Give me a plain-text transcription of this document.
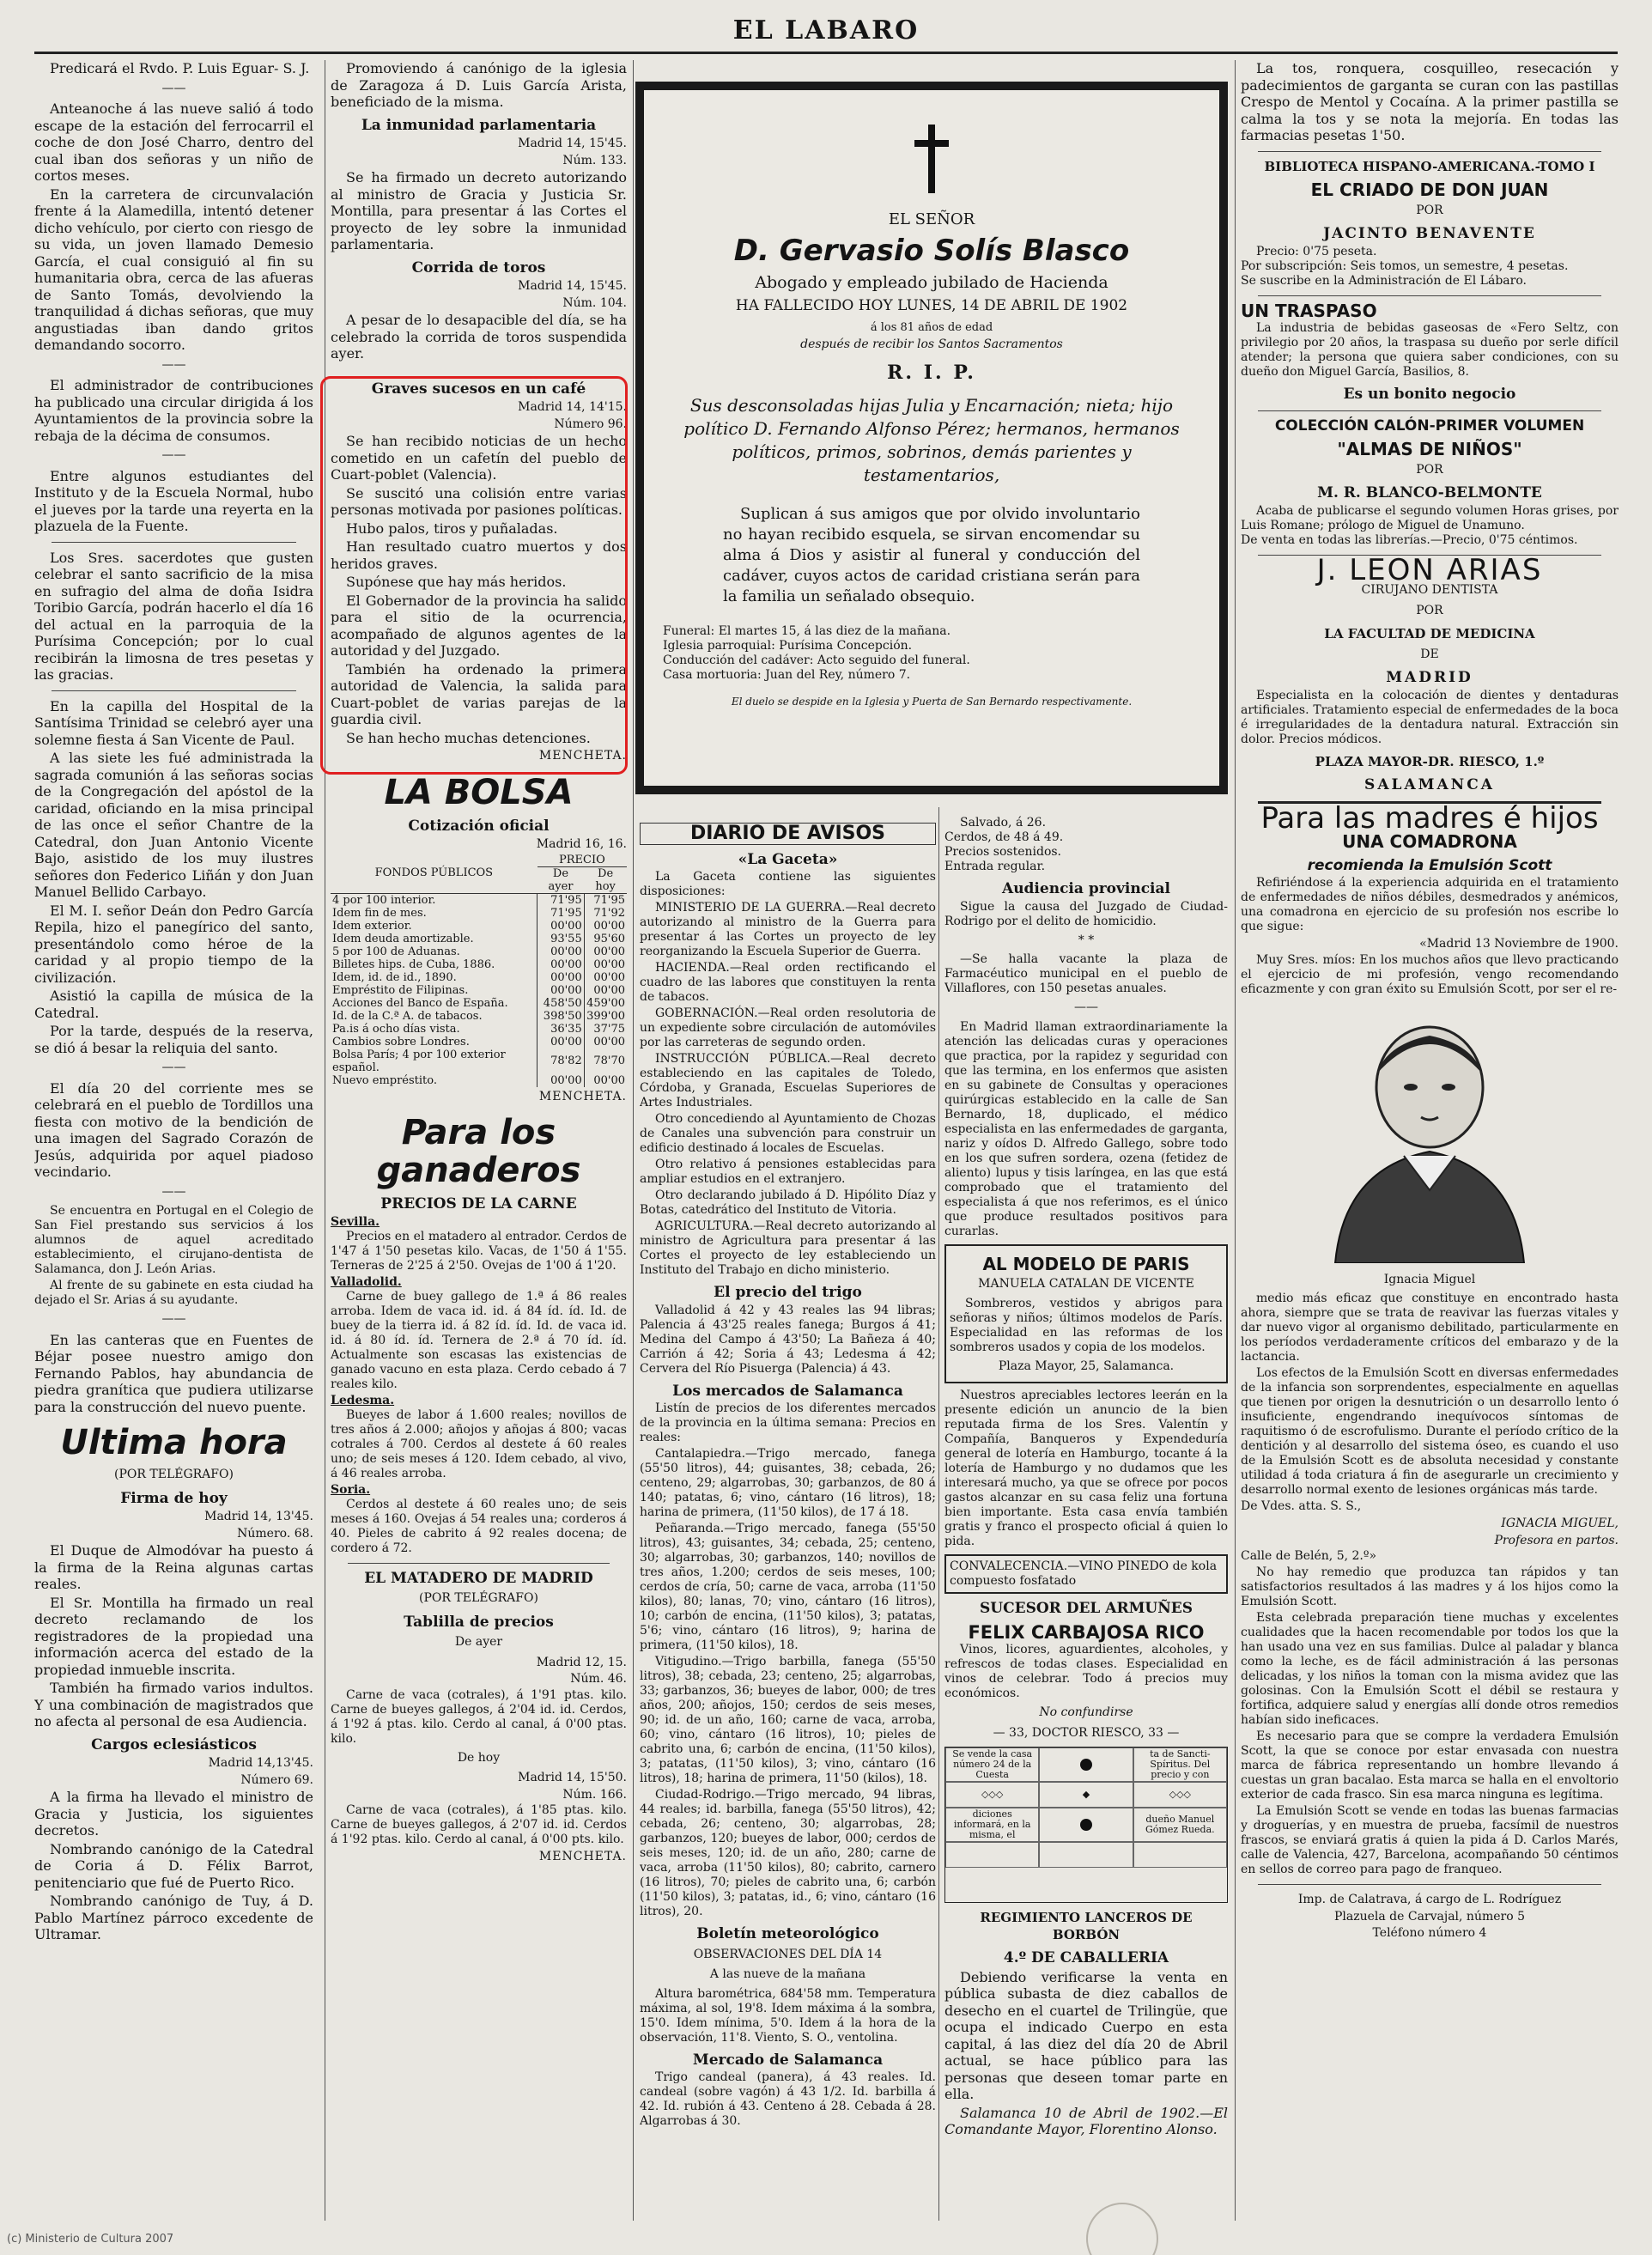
EL LABARO

Predicará el Rvdo. P. Luis Eguar- S. J.

——

Anteanoche á las nueve salió á todo escape de la estación del ferrocarril el coche de don José Charro, dentro del cual iban dos señoras y un niño de cortos meses.

En la carretera de circunvalación frente á la Alamedilla, intentó detener dicho vehículo, por cierto con riesgo de su vida, un joven llamado Demesio García, el cual consiguió al fin su humanitaria obra, cerca de las afueras de Santo Tomás, devolviendo la tranquilidad á dichas señoras, que muy angustiadas iban dando gritos demandando socorro.

——

El administrador de contribuciones ha publicado una circular dirigida á los Ayuntamientos de la provincia sobre la rebaja de la décima de consumos.

——

Entre algunos estudiantes del Instituto y de la Escuela Normal, hubo el jueves por la tarde una reyerta en la plazuela de la Fuente.

Los Sres. sacerdotes que gusten celebrar el santo sacrificio de la misa en sufragio del alma de doña Isidra Toribio García, podrán hacerlo el día 16 del actual en la parroquia de la Purísima Concepción; por lo cual recibirán la limosna de tres pesetas y las gracias.

En la capilla del Hospital de la Santísima Trinidad se celebró ayer una solemne fiesta á San Vicente de Paul.

A las siete les fué administrada la sagrada comunión á las señoras socias de la Congregación del apóstol de la caridad, oficiando en la misa principal de las once el señor Chantre de la Catedral, don Juan Antonio Vicente Bajo, asistido de los muy ilustres señores don Federico Liñán y don Juan Manuel Bellido Carbayo.

El M. I. señor Deán don Pedro García Repila, hizo el panegírico del santo, presentándolo como héroe de la caridad y al propio tiempo de la civilización.

Asistió la capilla de música de la Catedral.

Por la tarde, después de la reserva, se dió á besar la reliquia del santo.

——

El día 20 del corriente mes se celebrará en el pueblo de Tordillos una fiesta con motivo de la bendición de una imagen del Sagrado Corazón de Jesús, adquirida por aquel piadoso vecindario.

——

Se encuentra en Portugal en el Colegio de San Fiel prestando sus servicios á los alumnos de aquel acreditado establecimiento, el cirujano-dentista de Salamanca, don J. León Arias.

Al frente de su gabinete en esta ciudad ha dejado el Sr. Arias á su ayudante.

——

En las canteras que en Fuentes de Béjar posee nuestro amigo don Fernando Pablos, hay abundancia de piedra granítica que pudiera utilizarse para la construcción del nuevo puente.

Ultima hora
(POR TELÉGRAFO)
Firma de hoy
Madrid 14, 13'45.
Número. 68.

El Duque de Almodóvar ha puesto á la firma de la Reina algunas cartas reales.

El Sr. Montilla ha firmado un real decreto reclamando de los registradores de la propiedad una información acerca del estado de la propiedad inmueble inscrita.

También ha firmado varios indultos. Y una combinación de magistrados que no afecta al personal de esa Audiencia.

Cargos eclesiásticos
Madrid 14,13'45.
Número 69.

A la firma ha llevado el ministro de Gracia y Justicia, los siguientes decretos.

Nombrando canónigo de la Catedral de Coria á D. Félix Barrot, penitenciario que fué de Puerto Rico.

Nombrando canónigo de Tuy, á D. Pablo Martínez párroco excedente de Ultramar.

Promoviendo á canónigo de la iglesia de Zaragoza á D. Luis García Arista, beneficiado de la misma.

La inmunidad parlamentaria
Madrid 14, 15'45.
Núm. 133.

Se ha firmado un decreto autorizando al ministro de Gracia y Justicia Sr. Montilla, para presentar á las Cortes el proyecto de ley sobre la inmunidad parlamentaria.

Corrida de toros
Madrid 14, 15'45.
Núm. 104.

A pesar de lo desapacible del día, se ha celebrado la corrida de toros suspendida ayer.

Graves sucesos en un café
Madrid 14, 14'15.
Número 96.

Se han recibido noticias de un hecho cometido en un cafetín del pueblo de Cuart-poblet (Valencia).

Se suscitó una colisión entre varias personas motivada por pasiones políticas.

Hubo palos, tiros y puñaladas.

Han resultado cuatro muertos y dos heridos graves.

Supónese que hay más heridos.

El Gobernador de la provincia ha salido para el sitio de la ocurrencia, acompañado de algunos agentes de la autoridad y del Juzgado.

También ha ordenado la primera autoridad de Valencia, la salida para Cuart-poblet de varias parejas de la guardia civil.

Se han hecho muchas detenciones.

MENCHETA.
LA BOLSA
Cotización oficial
Madrid 16, 16.
FONDOS PÚBLICOS	PRECIO	
	De ayer	De hoy
4 por 100 interior.	71'95	71'95
Idem fin de mes.	71'95	71'92
Idem exterior.	00'00	00'00
Idem deuda amortizable.	93'55	95'60
5 por 100 de Aduanas.	00'00	00'00
Billetes hips. de Cuba, 1886.	00'00	00'00
Idem, id. de id., 1890.	00'00	00'00
Empréstito de Filipinas.	00'00	00'00
Acciones del Banco de España.	458'50	459'00
Id. de la C.ª A. de tabacos.	398'50	399'00
Pa.is á ocho días vista.	36'35	37'75
Cambios sobre Londres.	00'00	00'00
Bolsa París; 4 por 100 exterior español.	78'82	78'70
Nuevo empréstito.	00'00	00'00
MENCHETA.
Para los ganaderos
PRECIOS DE LA CARNE
Sevilla.

Precios en el matadero al entrador. Cerdos de 1'47 á 1'50 pesetas kilo. Vacas, de 1'50 á 1'55. Terneras de 2'25 á 2'50. Ovejas de 1'00 á 1'20.

Valladolid.

Carne de buey gallego de 1.ª á 86 reales arroba. Idem de vaca id. id. á 84 íd. íd. Id. de buey de la tierra id. á 82 íd. íd. Id. de vaca id. id. á 80 íd. íd. Ternera de 2.ª á 70 íd. íd. Actualmente son escasas las existencias de ganado vacuno en esta plaza. Cerdo cebado á 7 reales kilo.

Ledesma.

Bueyes de labor á 1.600 reales; novillos de tres años á 2.000; añojos y añojas á 800; vacas cotrales á 700. Cerdos al destete á 60 reales uno; de seis meses á 120. Idem cebado, al vivo, á 46 reales arroba.

Soria.

Cerdos al destete á 60 reales uno; de seis meses á 160. Ovejas á 54 reales una; corderos á 40. Pieles de cabrito á 92 reales docena; de cordero á 72.

EL MATADERO DE MADRID
(POR TELÉGRAFO)
Tablilla de precios
De ayer
Madrid 12, 15.
Núm. 46.

Carne de vaca (cotrales), á 1'91 ptas. kilo. Carne de bueyes gallegos, á 2'04 id. id. Cerdos, á 1'92 á ptas. kilo. Cerdo al canal, á 0'00 ptas. kilo.

De hoy
Madrid 14, 15'50.
Núm. 166.

Carne de vaca (cotrales), á 1'85 ptas. kilo. Carne de bueyes gallegos, á 2'07 id. id. Cerdos á 1'92 ptas. kilo. Cerdo al canal, á 0'00 pts. kilo.

MENCHETA.
EL SEÑOR
D. Gervasio Solís Blasco
Abogado y empleado jubilado de Hacienda
HA FALLECIDO HOY LUNES, 14 DE ABRIL DE 1902
á los 81 años de edad
después de recibir los Santos Sacramentos
R. I. P.
Sus desconsoladas hijas Julia y Encarnación; nieta; hijo político D. Fernando Alfonso Pérez; hermanos, hermanos políticos, primos, sobrinos, demás parientes y testamentarios,
Suplican á sus amigos que por olvido involuntario no hayan recibido esquela, se sirvan encomendar su alma á Dios y asistir al funeral y conducción del cadáver, cuyos actos de caridad cristiana serán para la familia un señalado obsequio.
Funeral: El martes 15, á las diez de la mañana.
Iglesia parroquial: Purísima Concepción.
Conducción del cadáver: Acto seguido del funeral.
Casa mortuoria: Juan del Rey, número 7.
El duelo se despide en la Iglesia y Puerta de San Bernardo respectivamente.
DIARIO DE AVISOS
«La Gaceta»

La Gaceta contiene las siguientes disposiciones:

MINISTERIO DE LA GUERRA.—Real decreto autorizando al ministro de la Guerra para presentar á las Cortes un proyecto de ley reorganizando la Escuela Superior de Guerra.

HACIENDA.—Real orden rectificando el cuadro de las labores que constituyen la renta de tabacos.

GOBERNACIÓN.—Real orden resolutoria de un expediente sobre circulación de automóviles por las carreteras de segundo orden.

INSTRUCCIÓN PÚBLICA.—Real decreto estableciendo en las capitales de Toledo, Córdoba, y Granada, Escuelas Superiores de Artes Industriales.

Otro concediendo al Ayuntamiento de Chozas de Canales una subvención para construir un edificio destinado á locales de Escuelas.

Otro relativo á pensiones establecidas para ampliar estudios en el extranjero.

Otro declarando jubilado á D. Hipólito Díaz y Botas, catedrático del Instituto de Vitoria.

AGRICULTURA.—Real decreto autorizando al ministro de Agricultura para presentar á las Cortes el proyecto de ley estableciendo un Instituto del Trabajo en dicho ministerio.

El precio del trigo

Valladolid á 42 y 43 reales las 94 libras; Palencia á 43'25 reales fanega; Burgos á 41; Medina del Campo á 43'50; La Bañeza á 40; Carrión á 42; Soria á 43; Ledesma á 42; Cervera del Río Pisuerga (Palencia) á 43.

Los mercados de Salamanca

Listín de precios de los diferentes mercados de la provincia en la última semana: Precios en reales:

Cantalapiedra.—Trigo mercado, fanega (55'50 litros), 44; guisantes, 38; cebada, 26; centeno, 29; algarrobas, 30; garbanzos, de 80 á 140; patatas, 6; vino, cántaro (16 litros), 18; harina de primera, (11'50 kilos), de 17 á 18.

Peñaranda.—Trigo mercado, fanega (55'50 litros), 43; guisantes, 34; cebada, 25; centeno, 30; algarrobas, 30; garbanzos, 140; novillos de tres años, 1.200; cerdos de seis meses, 100; cerdos de cría, 50; carne de vaca, arroba (11'50 kilos), 80; lanas, 70; vino, cántaro (16 litros), 10; carbón de encina, (11'50 kilos), 3; patatas, 5'6; vino, cántaro (16 litros), 9; harina de primera, (11'50 kilos), 18.

Vitigudino.—Trigo barbilla, fanega (55'50 litros), 38; cebada, 23; centeno, 25; algarrobas, 33; garbanzos, 36; bueyes de labor, 000; de tres años, 200; añojos, 150; cerdos de seis meses, 90; id. de un año, 160; carne de vaca, arroba, 60; vino, cántaro (16 litros), 10; pieles de cabrito una, 6; carbón de encina, (11'50 kilos), 3; patatas, (11'50 kilos), 3; vino, cántaro (16 litros), 18; harina de primera, 11'50 (kilos), 18.

Ciudad-Rodrigo.—Trigo mercado, 94 libras, 44 reales; id. barbilla, fanega (55'50 litros), 42; cebada, 26; centeno, 30; algarrobas, 28; garbanzos, 120; bueyes de labor, 000; cerdos de seis meses, 120; id. de un año, 280; carne de vaca, arroba (11'50 kilos), 80; cabrito, carnero (16 litros), 70; pieles de cabrito una, 6; carbón (11'50 kilos), 3; patatas, id., 6; vino, cántaro (16 litros), 20.

Boletín meteorológico
OBSERVACIONES DEL DÍA 14
A las nueve de la mañana

Altura barométrica, 684'58 mm. Temperatura máxima, al sol, 19'8. Idem máxima á la sombra, 15'0. Idem mínima, 5'0. Idem á la hora de la observación, 11'8. Viento, S. O., ventolina.

Mercado de Salamanca

Trigo candeal (panera), á 43 reales. Id. candeal (sobre vagón) á 43 1/2. Id. barbilla á 42. Id. rubión á 43. Centeno á 28. Cebada á 28. Algarrobas á 30.

Salvado, á 26.
Cerdos, de 48 á 49.
Precios sostenidos.
Entrada regular.

Audiencia provincial

Sigue la causa del Juzgado de Ciudad-Rodrigo por el delito de homicidio.

* *

—Se halla vacante la plaza de Farmacéutico municipal en el pueblo de Villaflores, con 150 pesetas anuales.

——

En Madrid llaman extraordinariamente la atención las delicadas curas y operaciones que practica, por la rapidez y seguridad con que las termina, en los enfermos que asisten en su gabinete de Consultas y operaciones quirúrgicas establecido en la calle de San Bernardo, 18, duplicado, el médico especialista en las enfermedades de garganta, nariz y oídos D. Alfredo Gallego, sobre todo en los que sufren sordera, ozena (fetidez de aliento) lupus y tisis laríngea, en las que está comprobado que el tratamiento del especialista á que nos referimos, es el único que produce resultados positivos para curarlas.

AL MODELO DE PARIS
MANUELA CATALAN DE VICENTE

Sombreros, vestidos y abrigos para señoras y niños; últimos modelos de París. Especialidad en las reformas de los sombreros usados y copia de los modelos.

Plaza Mayor, 25, Salamanca.

Nuestros apreciables lectores leerán en la presente edición un anuncio de la bien reputada firma de los Sres. Valentín y Compañía, Banqueros y Expendeduría general de lotería en Hamburgo, tocante á la lotería de Hamburgo y no dudamos que les interesará mucho, ya que se ofrece por pocos gastos alcanzar en su casa feliz una fortuna bien importante. Esta casa envía también gratis y franco el prospecto oficial á quien lo pida.

CONVALECENCIA.—VINO PINEDO de kola compuesto fosfatado
SUCESOR DEL ARMUÑES
FELIX CARBAJOSA RICO

Vinos, licores, aguardientes, alcoholes, y refrescos de todas clases. Especialidad en vinos de celebrar. Todo á precios muy económicos.

No confundirse
— 33, DOCTOR RIESCO, 33 —
Se vende la casa número 24 de la Cuesta
ta de Sancti-Spíritus. Del precio y con
◇◇◇	◆	◇◇◇
diciones informará, en la misma, el
dueño Manuel Gómez Rueda.
REGIMIENTO LANCEROS DE BORBÓN
4.º DE CABALLERIA

Debiendo verificarse la venta en pública subasta de diez caballos de desecho en el cuartel de Trilingüe, que ocupa el indicado Cuerpo en esta capital, á las diez del día 20 de Abril actual, se hace público para las personas que deseen tomar parte en ella.

Salamanca 10 de Abril de 1902.—El Comandante Mayor, Florentino Alonso.

La tos, ronquera, cosquilleo, resecación y padecimientos de garganta se curan con las pastillas Crespo de Mentol y Cocaína. A la primer pastilla se calma la tos y se nota la mejoría. En todas las farmacias pesetas 1'50.

BIBLIOTECA HISPANO-AMERICANA.-TOMO I
EL CRIADO DE DON JUAN
POR
JACINTO BENAVENTE

Precio: 0'75 peseta.
Por subscripción: Seis tomos, un semestre, 4 pesetas.
Se suscribe en la Administración de El Lábaro.

UN TRASPASO

La industria de bebidas gaseosas de «Fero Seltz, con privilegio por 20 años, la traspasa su dueño por serle difícil atender; la persona que quiera saber condiciones, con su dueño don Miguel García, Basilios, 8.

Es un bonito negocio
COLECCIÓN CALÓN-PRIMER VOLUMEN
"ALMAS DE NIÑOS"
POR
M. R. BLANCO-BELMONTE

Acaba de publicarse el segundo volumen Horas grises, por Luis Romane; prólogo de Miguel de Unamuno.
De venta en todas las librerías.—Precio, 0'75 céntimos.

J. LEON ARIAS
CIRUJANO DENTISTA
POR
LA FACULTAD DE MEDICINA
DE
MADRID

Especialista en la colocación de dientes y dentaduras artificiales. Tratamiento especial de enfermedades de la boca é irregularidades de la dentadura natural. Extracción sin dolor. Precios módicos.

PLAZA MAYOR-DR. RIESCO, 1.º
SALAMANCA
Para las madres é hijos
UNA COMADRONA
recomienda la Emulsión Scott

Refiriéndose á la experiencia adquirida en el tratamiento de enfermedades de niños débiles, desmedrados y anémicos, una comadrona en ejercicio de su profesión nos escribe lo que sigue:

«Madrid 13 Noviembre de 1900.

Muy Sres. míos: En los muchos años que llevo practicando el ejercicio de mi profesión, vengo recomendando eficazmente y con gran éxito su Emulsión Scott, por ser el re-

Ignacia Miguel

medio más eficaz que constituye en encontrado hasta ahora, siempre que se trata de reavivar las fuerzas vitales y dar nuevo vigor al organismo debilitado, particularmente en los períodos verdaderamente críticos del embarazo y de la lactancia.

Los efectos de la Emulsión Scott en diversas enfermedades de la infancia son sorprendentes, especialmente en aquellas que tienen por origen la desnutrición o un desarrollo lento ó insuficiente, engendrando inequívocos síntomas de raquitismo ó de escrofulismo. Durante el período crítico de la dentición y al desarrollo del sistema óseo, es cuando el uso de la Emulsión Scott es de absoluta necesidad y constante utilidad á toda criatura á fin de asegurarle un crecimiento y desarrollo normal exento de lesiones orgánicas más tarde.

De Vdes. atta. S. S.,

IGNACIA MIGUEL,
Profesora en partos.

Calle de Belén, 5, 2.º»

No hay remedio que produzca tan rápidos y tan satisfactorios resultados á las madres y á los hijos como la Emulsión Scott.

Esta celebrada preparación tiene muchas y excelentes cualidades que la hacen recomendable por todos los que la han usado una vez en sus familias. Dulce al paladar y blanca como la leche, es de fácil administración á las personas delicadas, y los niños la toman con la misma avidez que las golosinas. Con la Emulsión Scott el débil se restaura y fortifica, adquiere salud y energías allí donde otros remedios habían sido ineficaces.

Es necesario para que se compre la verdadera Emulsión Scott, la que se conoce por estar envasada con nuestra marca de fábrica representando un hombre llevando á cuestas un gran bacalao. Esta marca se halla en el envoltorio exterior de cada frasco. Sin esa marca ninguna es legítima.

La Emulsión Scott se vende en todas las buenas farmacias y droguerías, y en muestra de prueba, facsímil de nuestros frascos, se enviará gratis á quien la pida á D. Carlos Marés, calle de Valencia, 427, Barcelona, acompañando 50 céntimos en sellos de correo para pago de franqueo.

Imp. de Calatrava, á cargo de L. Rodríguez
Plazuela de Carvajal, número 5
Teléfono número 4
(c) Ministerio de Cultura 2007
